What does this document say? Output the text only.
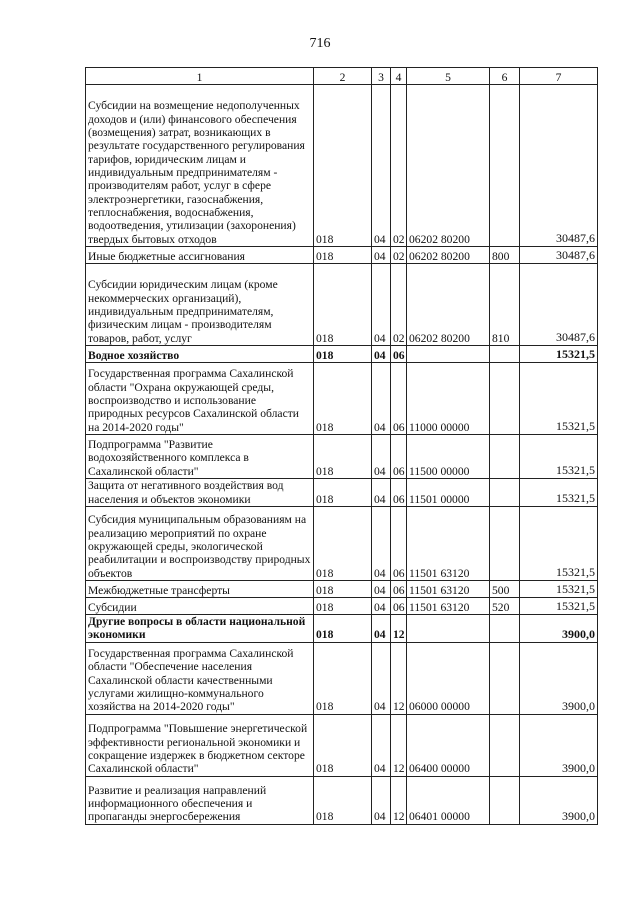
716
1	2	3	4	5	6	7
Субсидии на возмещение недополученных доходов и (или) финансового обеспечения (возмещения) затрат, возникающих в результате государственного регулирования тарифов, юридическим лицам и индивидуальным предпринимателям - производителям работ, услуг в сфере электроэнергетики, газоснабжения, теплоснабжения, водоснабжения, водоотведения, утилизации (захоронения) твердых бытовых отходов	018	04	02	06202 80200		30487,6
Иные бюджетные ассигнования	018	04	02	06202 80200	800	30487,6
Субсидии юридическим лицам (кроме некоммерческих организаций), индивидуальным предпринимателям, физическим лицам - производителям товаров, работ, услуг	018	04	02	06202 80200	810	30487,6
Водное хозяйство	018	04	06			15321,5
Государственная программа Сахалинской области "Охрана окружающей среды, воспроизводство и использование природных ресурсов Сахалинской области на 2014-2020 годы"	018	04	06	11000 00000		15321,5
Подпрограмма "Развитие водохозяйственного комплекса в Сахалинской области"	018	04	06	11500 00000		15321,5
Защита от негативного воздействия вод населения и объектов экономики	018	04	06	11501 00000		15321,5
Субсидия муниципальным образованиям на реализацию мероприятий по охране окружающей среды, экологической реабилитации и воспроизводству природных объектов	018	04	06	11501 63120		15321,5
Межбюджетные трансферты	018	04	06	11501 63120	500	15321,5
Субсидии	018	04	06	11501 63120	520	15321,5
Другие вопросы в области национальной экономики	018	04	12			3900,0
Государственная программа Сахалинской области "Обеспечение населения Сахалинской области качественными услугами жилищно-коммунального хозяйства на 2014-2020 годы"	018	04	12	06000 00000		3900,0
Подпрограмма "Повышение энергетической эффективности региональной экономики и сокращение издержек в бюджетном секторе Сахалинской области"	018	04	12	06400 00000		3900,0
Развитие и реализация направлений информационного обеспечения и пропаганды энергосбережения	018	04	12	06401 00000		3900,0
